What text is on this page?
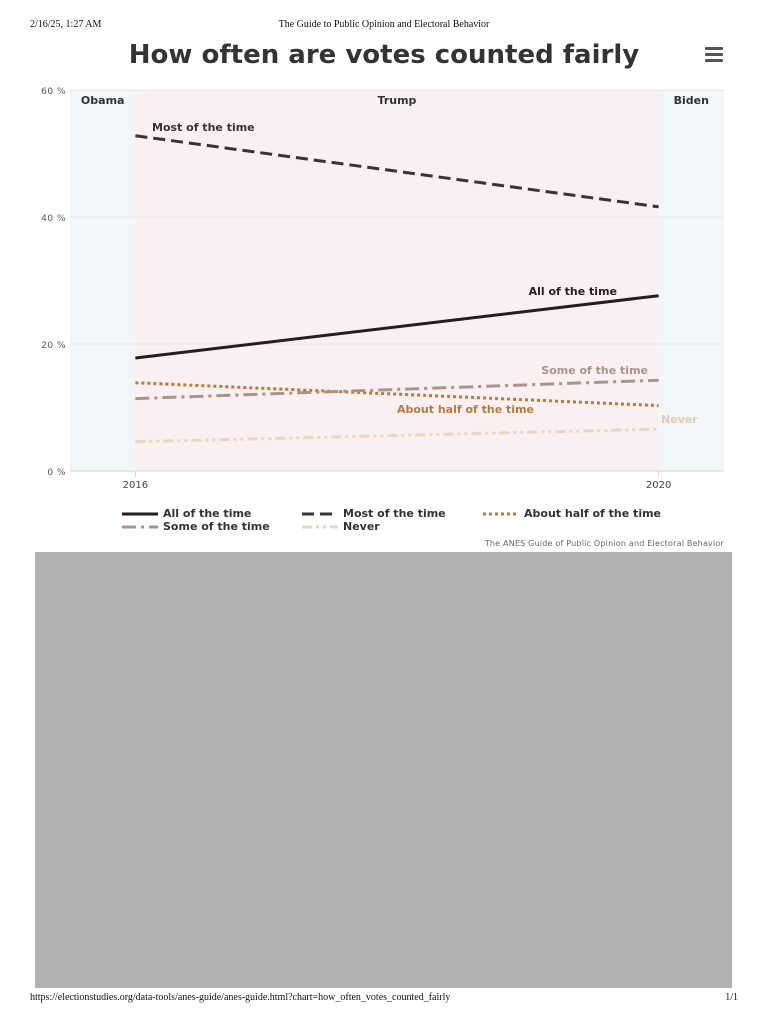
2/16/25, 1:27 AM	The Guide to Public Opinion and Electoral Behavior
How often are votes counted fairly
Obama	Trump	Biden
0 %
20 %
40 %
60 %
2016	2020
All of the time
Most of the time
About half of the time
Some of the time
Never
All of the time	Most of the time	About half of the time
Some of the time	Never
The ANES Guide of Public Opinion and Electoral Behavior
https://electionstudies.org/data-tools/anes-guide/anes-guide.html?chart=how_often_votes_counted_fairly	1/1
